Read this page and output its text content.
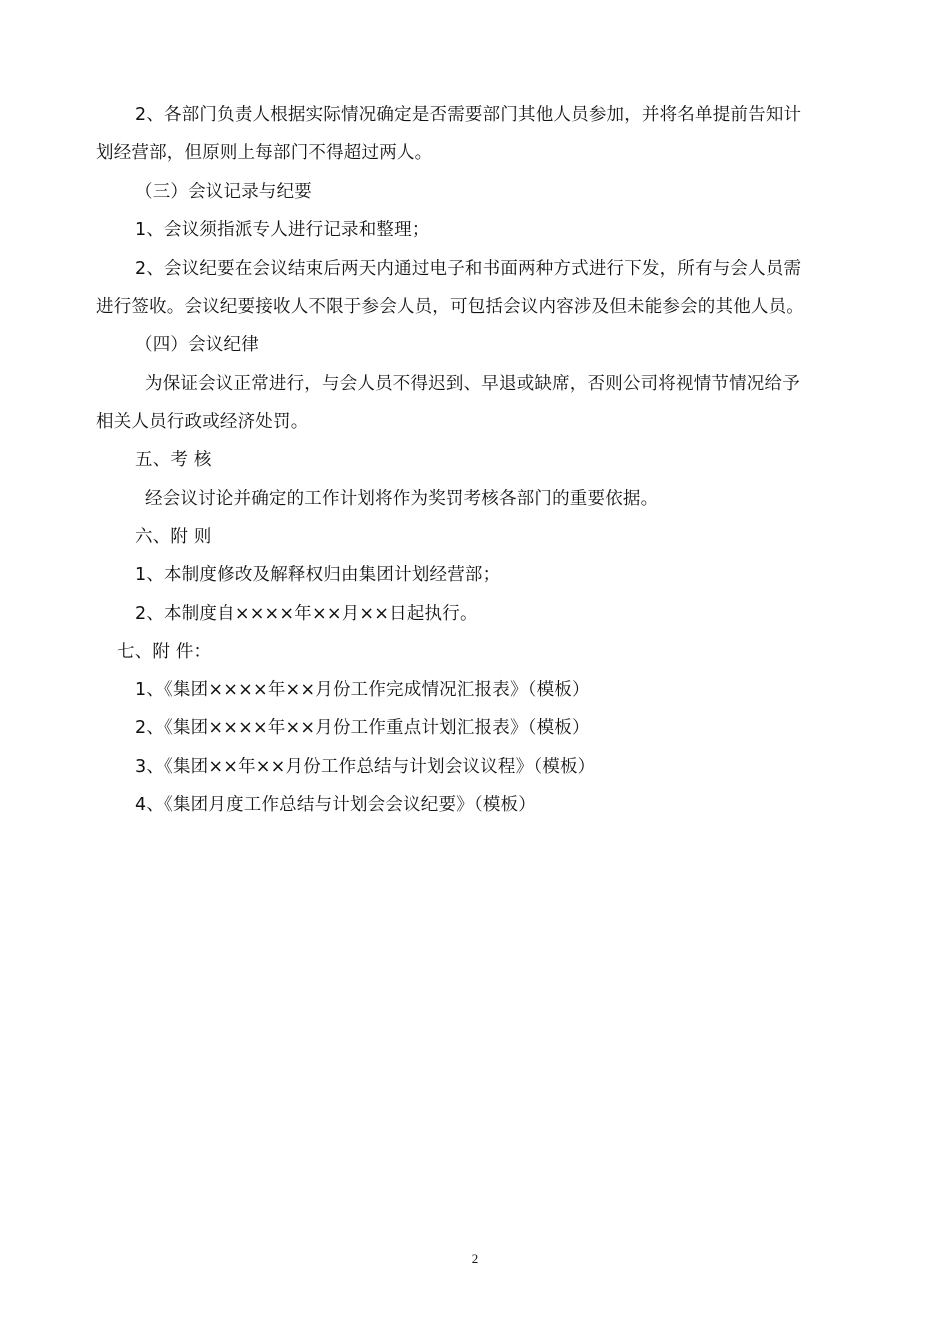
2、各部门负责人根据实际情况确定是否需要部门其他人员参加，并将名单提前告知计
划经营部，但原则上每部门不得超过两人。
（三）会议记录与纪要
1、会议须指派专人进行记录和整理；
2、会议纪要在会议结束后两天内通过电子和书面两种方式进行下发，所有与会人员需
进行签收。会议纪要接收人不限于参会人员，可包括会议内容涉及但未能参会的其他人员。
（四）会议纪律
为保证会议正常进行，与会人员不得迟到、早退或缺席，否则公司将视情节情况给予
相关人员行政或经济处罚。
五、考 核
经会议讨论并确定的工作计划将作为奖罚考核各部门的重要依据。
六、附 则
1、本制度修改及解释权归由集团计划经营部；
2、本制度自××××年××月××日起执行。
七、附 件：
1、《集团××××年××月份工作完成情况汇报表》（模板）
2、《集团××××年××月份工作重点计划汇报表》（模板）
3、《集团××年××月份工作总结与计划会议议程》（模板）
4、《集团月度工作总结与计划会会议纪要》（模板）
2
